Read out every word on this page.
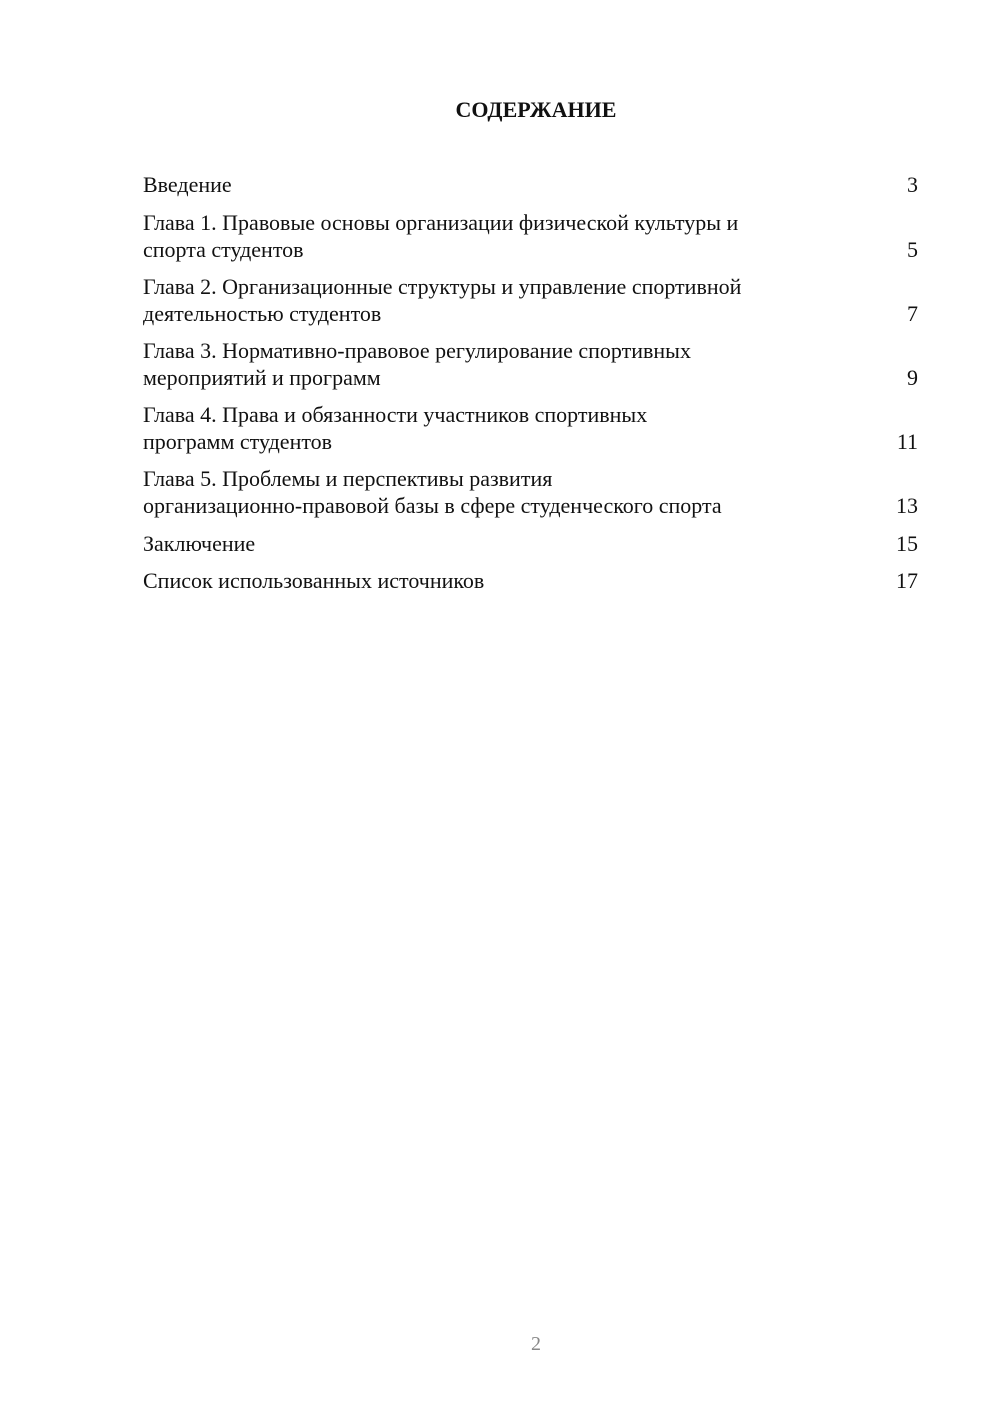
СОДЕРЖАНИЕ
Введение	3
Глава 1. Правовые основы организации физической культуры и
спорта студентов	5
Глава 2. Организационные структуры и управление спортивной
деятельностью студентов	7
Глава 3. Нормативно-правовое регулирование спортивных
мероприятий и программ	9
Глава 4. Права и обязанности участников спортивных
программ студентов	11
Глава 5. Проблемы и перспективы развития
организационно-правовой базы в сфере студенческого спорта	13
Заключение	15
Список использованных источников	17
2
